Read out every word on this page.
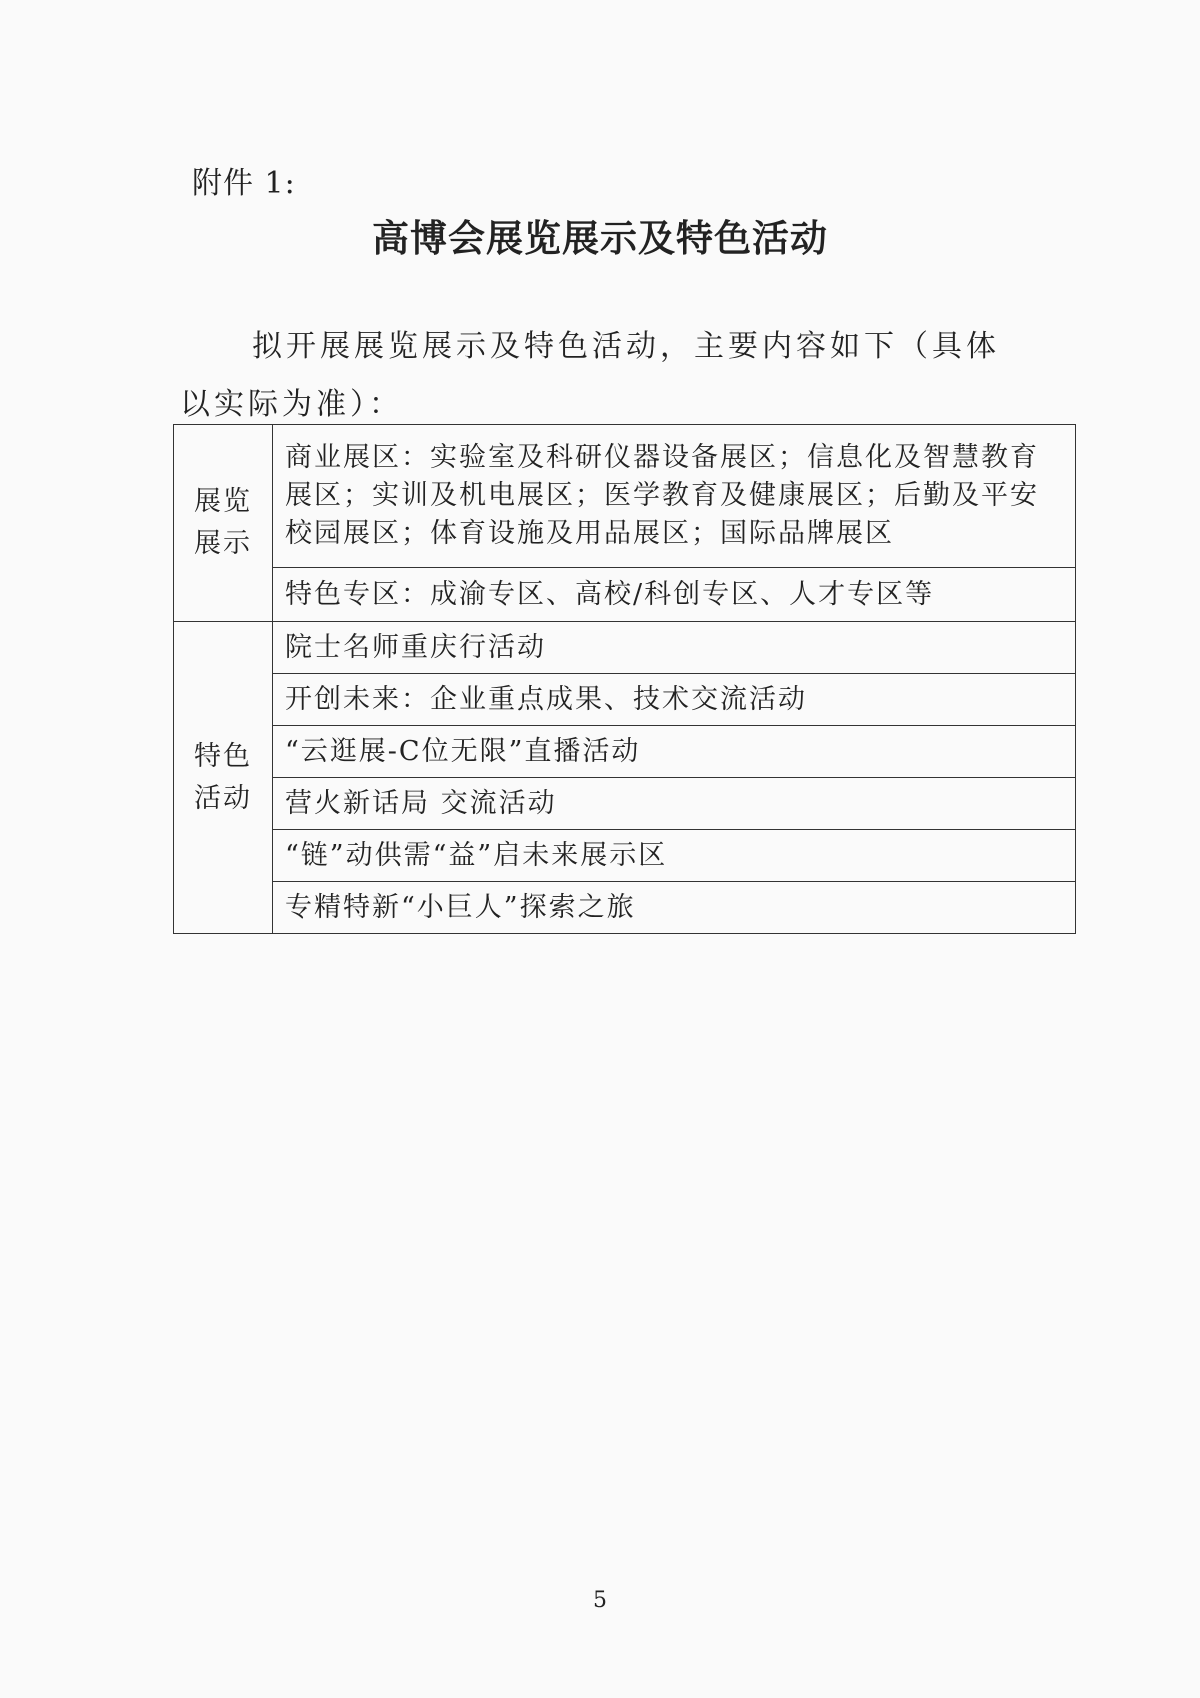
附件 1:
高博会展览展示及特色活动
拟开展展览展示及特色活动，主要内容如下（具体以实际为准）：
展览
展示	商业展区：实验室及科研仪器设备展区；信息化及智慧教育展区；实训及机电展区；医学教育及健康展区；后勤及平安校园展区；体育设施及用品展区；国际品牌展区
	特色专区：成渝专区、高校/科创专区、人才专区等
特色
活动	院士名师重庆行活动
	开创未来：企业重点成果、技术交流活动
	“云逛展-C位无限”直播活动
	营火新话局 交流活动
	“链”动供需“益”启未来展示区
	专精特新“小巨人”探索之旅
5
